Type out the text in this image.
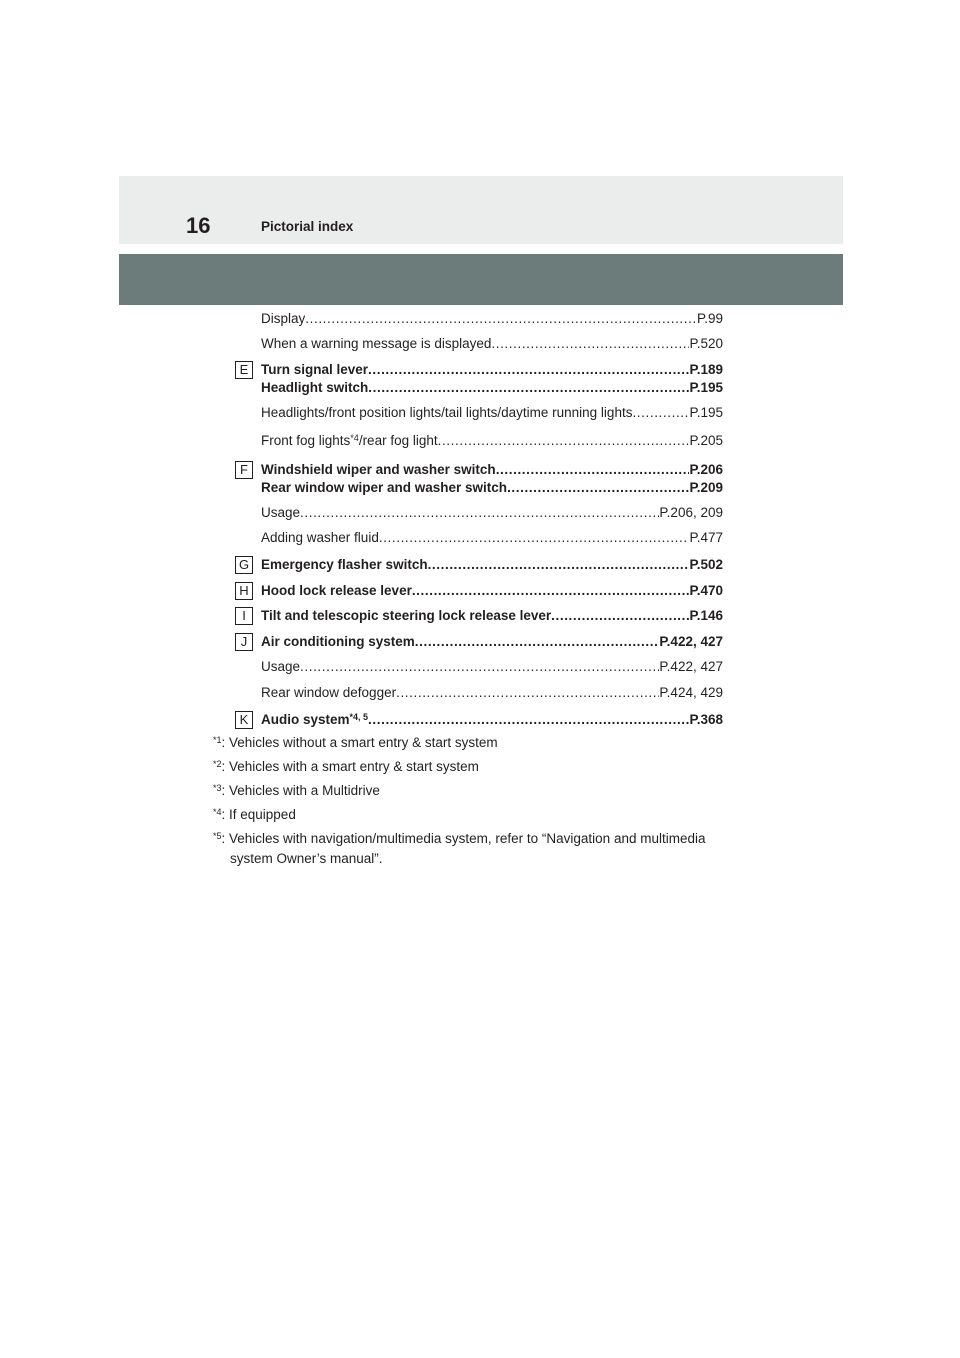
16	Pictorial index
Display .....	P.99
When a warning message is displayed .....	P.520
E Turn signal lever .....	P.189
Headlight switch .....	P.195
Headlights/front position lights/tail lights/daytime running lights .....	P.195
Front fog lights$^{*4}$/rear fog light .....	P.205
F Windshield wiper and washer switch .....	P.206
Rear window wiper and washer switch .....	P.209
Usage .....	P.206, 209
Adding washer fluid .....	P.477
G Emergency flasher switch .....	P.502
H Hood lock release lever .....	P.470
I	Tilt and telescopic steering lock release lever .....	P.146
J	Air conditioning system .....	P.422, 427
Usage .....	P.422, 427
Rear window defogger .....	P.424, 429
K Audio system$^{*4, 5}$ .....	P.368
$^{*1}$: Vehicles without a smart entry & start system
$^{*2}$: Vehicles with a smart entry & start system
$^{*3}$: Vehicles with a Multidrive
$^{*4}$: If equipped
$^{*5}$: Vehicles with navigation/multimedia system, refer to “Navigation and multimedia
system Owner’s manual”.
